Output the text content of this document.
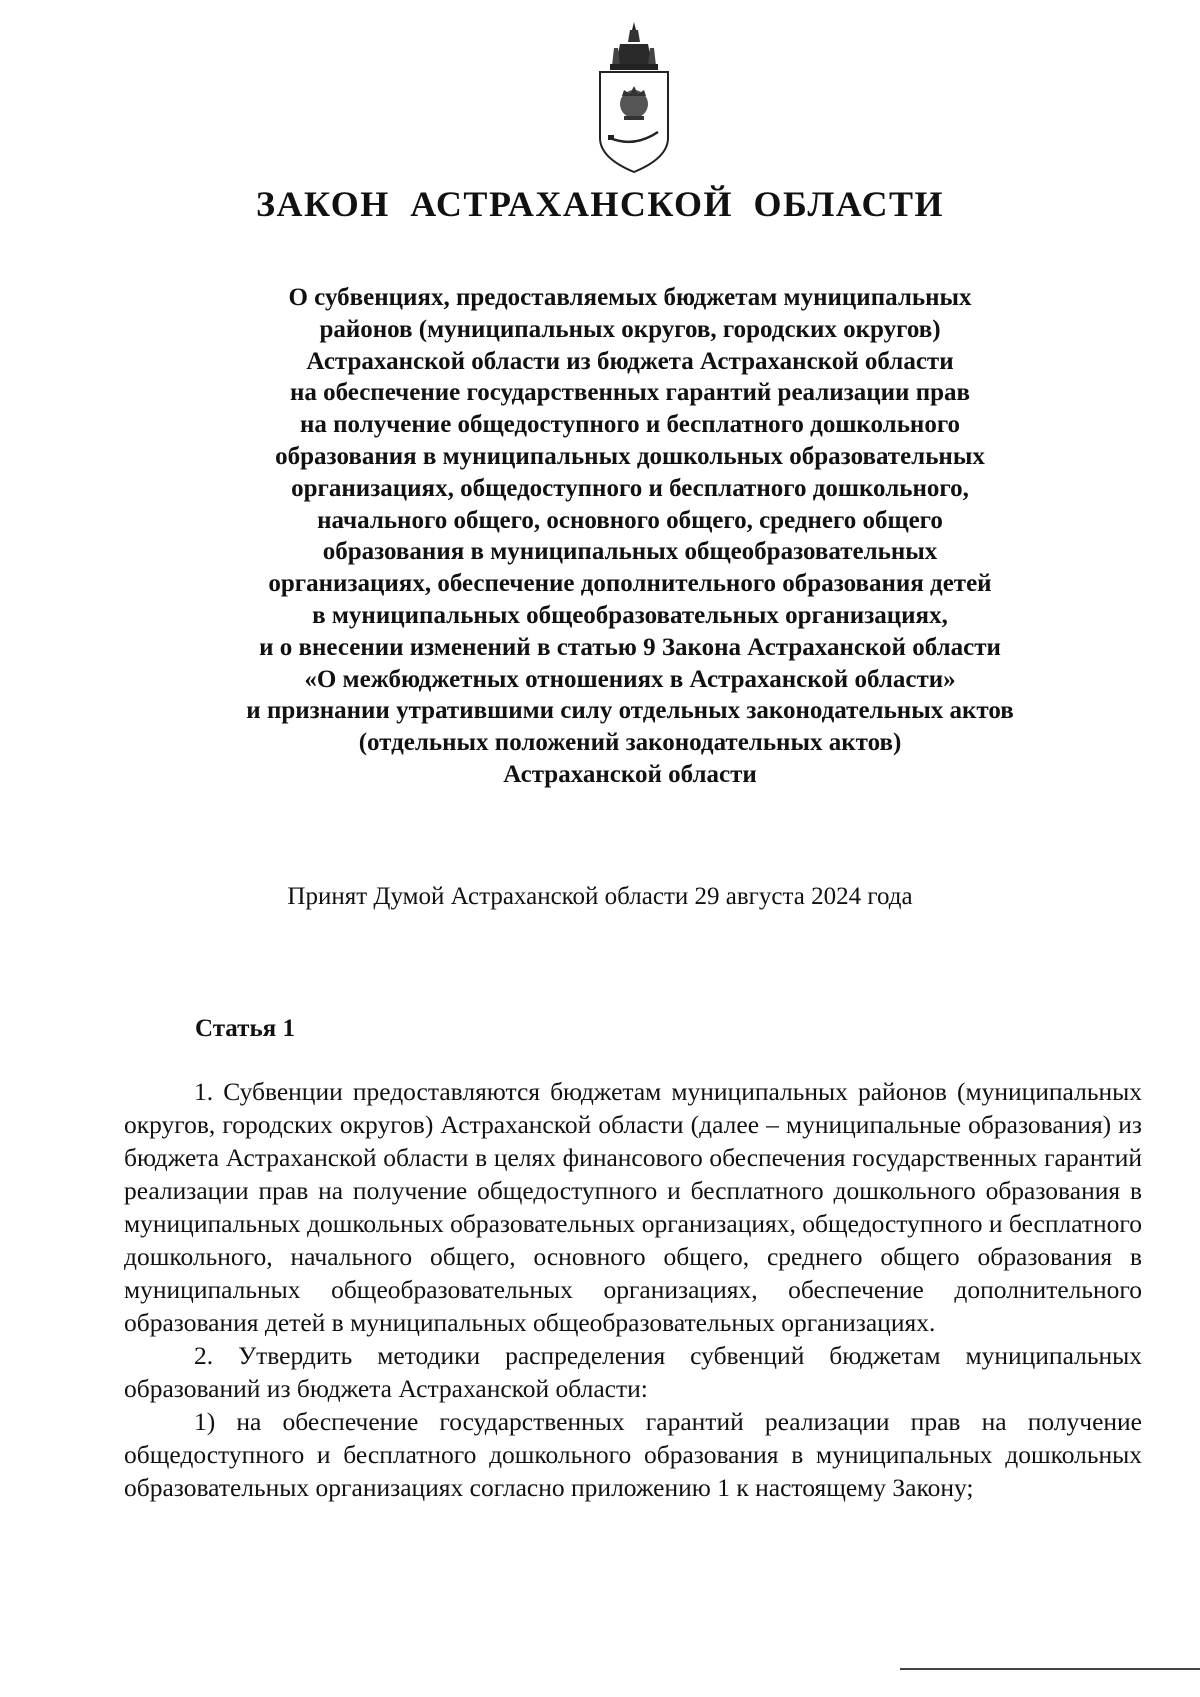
ЗАКОН АСТРАХАНСКОЙ ОБЛАСТИ
О субвенциях, предоставляемых бюджетам муниципальных
районов (муниципальных округов, городских округов)
Астраханской области из бюджета Астраханской области
на обеспечение государственных гарантий реализации прав
на получение общедоступного и бесплатного дошкольного
образования в муниципальных дошкольных образовательных
организациях, общедоступного и бесплатного дошкольного,
начального общего, основного общего, среднего общего
образования в муниципальных общеобразовательных
организациях, обеспечение дополнительного образования детей
в муниципальных общеобразовательных организациях,
и о внесении изменений в статью 9 Закона Астраханской области
«О межбюджетных отношениях в Астраханской области»
и признании утратившими силу отдельных законодательных актов
(отдельных положений законодательных актов)
Астраханской области
Принят Думой Астраханской области 29 августа 2024 года
Статья 1

1. Субвенции предоставляются бюджетам муниципальных районов (муниципальных округов, городских округов) Астраханской области (далее – муниципальные образования) из бюджета Астраханской области в целях финансового обеспечения государственных гарантий реализации прав на получение общедоступного и бесплатного дошкольного образования в муниципальных дошкольных образовательных организациях, общедоступного и бесплатного дошкольного, начального общего, основного общего, среднего общего образования в муниципальных общеобразовательных организациях, обеспечение дополнительного образования детей в муниципальных общеобразовательных организациях.

2. Утвердить методики распределения субвенций бюджетам муниципальных образований из бюджета Астраханской области:

1) на обеспечение государственных гарантий реализации прав на получение общедоступного и бесплатного дошкольного образования в муниципальных дошкольных образовательных организациях согласно приложению 1 к настоящему Закону;
